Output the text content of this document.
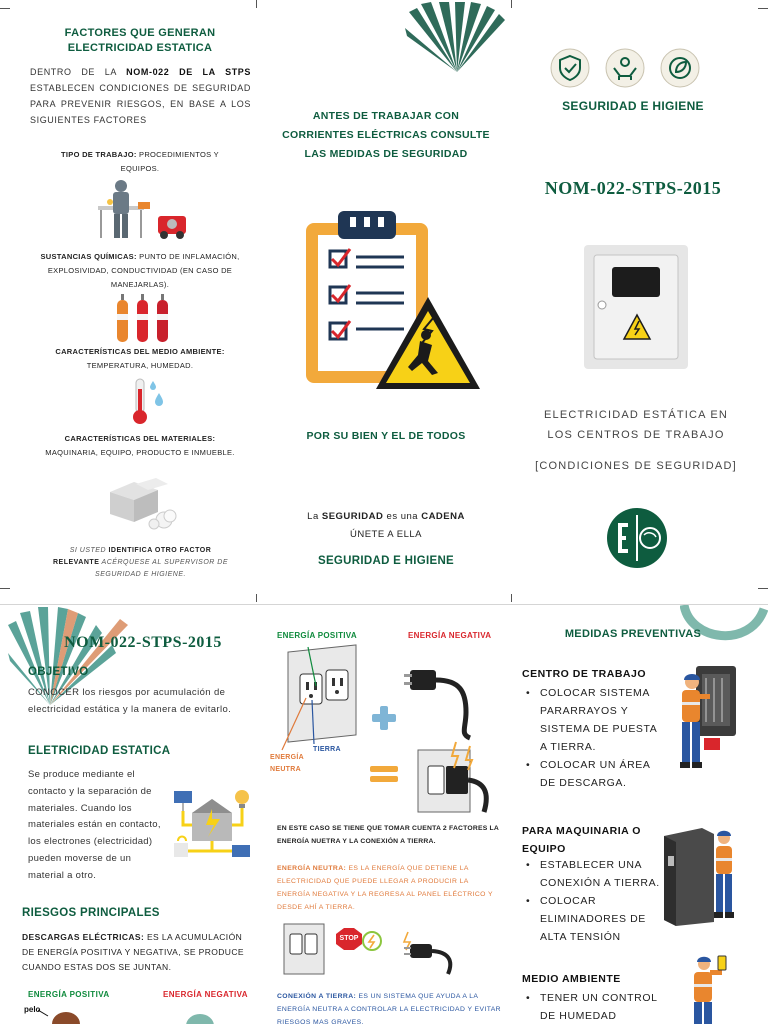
FACTORES QUE GENERAN ELECTRICIDAD ESTATICA
DENTRO DE LA NOM-022 DE LA STPS ESTABLECEN CONDICIONES DE SEGURIDAD PARA PREVENIR RIESGOS, EN BASE A LOS SIGUIENTES FACTORES
TIPO DE TRABAJO: PROCEDIMIENTOS Y EQUIPOS.
SUSTANCIAS QUÍMICAS: PUNTO DE INFLAMACIÓN, EXPLOSIVIDAD, CONDUCTIVIDAD (EN CASO DE MANEJARLAS).
CARACTERÍSTICAS DEL MEDIO AMBIENTE: TEMPERATURA, HUMEDAD.
CARACTERÍSTICAS DEL MATERIALES: MAQUINARIA, EQUIPO, PRODUCTO E INMUEBLE.
SI USTED IDENTIFICA OTRO FACTOR RELEVANTE ACÉRQUESE AL SUPERVISOR DE SEGURIDAD E HIGIENE.
ANTES DE TRABAJAR CON CORRIENTES ELÉCTRICAS CONSULTE LAS MEDIDAS DE SEGURIDAD
POR SU BIEN Y EL DE TODOS
La SEGURIDAD es una CADENA
ÚNETE A ELLA
SEGURIDAD E HIGIENE
SEGURIDAD E HIGIENE
NOM-022-STPS-2015
ELECTRICIDAD ESTÁTICA EN LOS CENTROS DE TRABAJO
[CONDICIONES DE SEGURIDAD]
NOM-022-STPS-2015
OBJETIVO
CONOCER los riesgos por acumulación de electricidad estática y la manera de evitarlo.
ELETRICIDAD ESTATICA
Se produce mediante el contacto y la separación de materiales. Cuando los materiales están en contacto, los electrones (electricidad) pueden moverse de un material a otro.
RIESGOS PRINCIPALES
DESCARGAS ELÉCTRICAS: ES LA ACUMULACIÓN DE ENERGÍA POSITIVA Y NEGATIVA, SE PRODUCE CUANDO ESTAS DOS SE JUNTAN.
ENERGÍA POSITIVA	ENERGÍA NEGATIVA
pelo
ENERGÍA POSITIVA	ENERGÍA NEGATIVA
ENERGÍA NEUTRA
TIERRA
EN ESTE CASO SE TIENE QUE TOMAR CUENTA 2 FACTORES LA ENERGÍA NUETRA Y LA CONEXIÓN A TIERRA.
ENERGÍA NEUTRA: ES LA ENERGÍA QUE DETIENE LA ELECTRICIDAD QUE PUEDE LLEGAR A PRODUCIR LA ENERGÍA NEGATIVA Y LA REGRESA AL PANEL ELÉCTRICO Y DESDE AHÍ A TIERRA.
STOP
CONEXIÓN A TIERRA: ES UN SISTEMA QUE AYUDA A LA ENERGÍA NEUTRA A CONTROLAR LA ELECTRICIDAD Y EVITAR RIESGOS MAS GRAVES.
MEDIDAS PREVENTIVAS
CENTRO DE TRABAJO
• COLOCAR SISTEMA PARARRAYOS Y SISTEMA DE PUESTA A TIERRA.
• COLOCAR UN ÁREA DE DESCARGA.
PARA MAQUINARIA O EQUIPO
• ESTABLECER UNA CONEXIÓN A TIERRA.
• COLOCAR ELIMINADORES DE ALTA TENSIÓN
MEDIO AMBIENTE
• TENER UN CONTROL DE HUMEDAD
